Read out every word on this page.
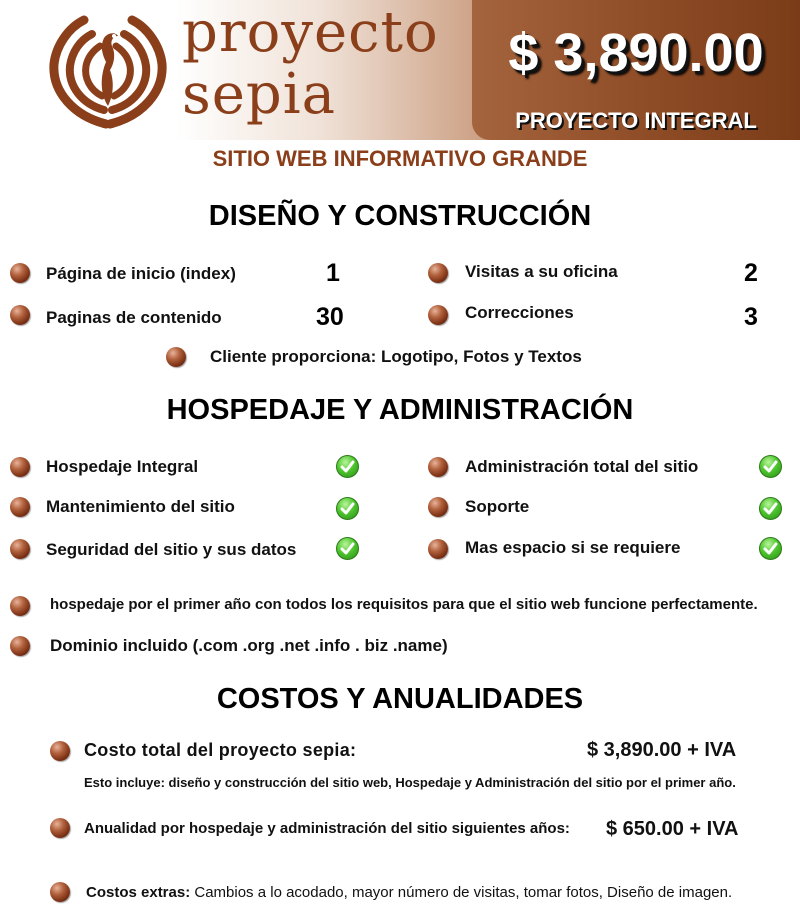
proyecto
sepia
$ 3,890.00
PROYECTO INTEGRAL
SITIO WEB INFORMATIVO GRANDE
DISEÑO Y CONSTRUCCIÓN
Página de inicio (index)	1	Visitas a su oficina	2
Paginas de contenido	30	Correcciones	3
Cliente proporciona: Logotipo, Fotos y Textos
HOSPEDAJE Y ADMINISTRACIÓN
Hospedaje Integral	Administración total del sitio
Mantenimiento del sitio	Soporte
Seguridad del sitio y sus datos	Mas espacio si se requiere
hospedaje por el primer año con todos los requisitos para que el sitio web funcione perfectamente.
Dominio incluido (.com .org .net .info . biz .name)
COSTOS Y ANUALIDADES
Costo total del proyecto sepia:	$ 3,890.00 + IVA
Esto incluye: diseño y construcción del sitio web, Hospedaje y Administración del sitio por el primer año.
Anualidad por hospedaje y administración del sitio siguientes años: $ 650.00 + IVA
Costos extras: Cambios a lo acodado, mayor número de visitas, tomar fotos, Diseño de imagen.
